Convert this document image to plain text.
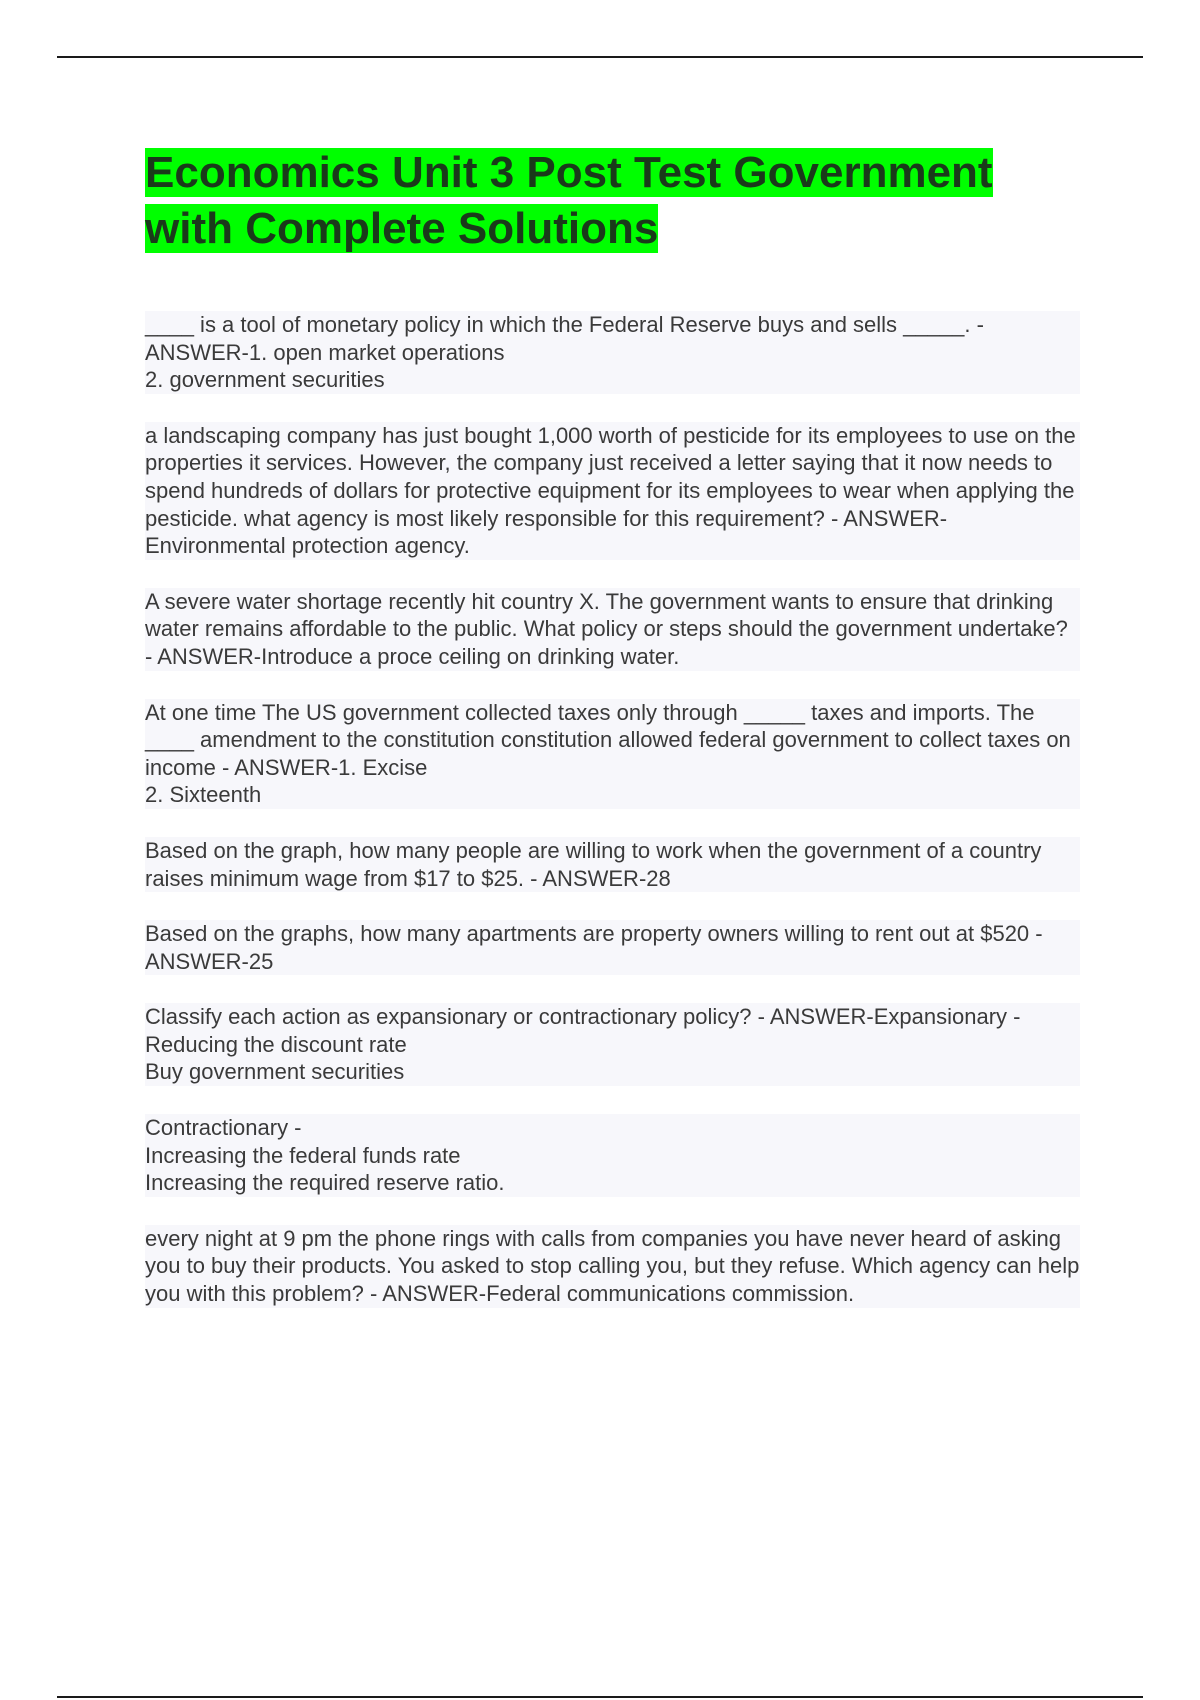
Economics Unit 3 Post Test Government with Complete Solutions

____ is a tool of monetary policy in which the Federal Reserve buys and sells _____. - ANSWER-1. open market operations
2. government securities

a landscaping company has just bought 1,000 worth of pesticide for its employees to use on the properties it services. However, the company just received a letter saying that it now needs to spend hundreds of dollars for protective equipment for its employees to wear when applying the pesticide. what agency is most likely responsible for this requirement? - ANSWER-Environmental protection agency.

A severe water shortage recently hit country X. The government wants to ensure that drinking water remains affordable to the public. What policy or steps should the government undertake? - ANSWER-Introduce a proce ceiling on drinking water.

At one time The US government collected taxes only through _____ taxes and imports. The ____ amendment to the constitution constitution allowed federal government to collect taxes on income - ANSWER-1. Excise
2. Sixteenth

Based on the graph, how many people are willing to work when the government of a country raises minimum wage from $17 to $25. - ANSWER-28

Based on the graphs, how many apartments are property owners willing to rent out at $520 - ANSWER-25

Classify each action as expansionary or contractionary policy? - ANSWER-Expansionary -
Reducing the discount rate
Buy government securities

Contractionary -
Increasing the federal funds rate
Increasing the required reserve ratio.

every night at 9 pm the phone rings with calls from companies you have never heard of asking you to buy their products. You asked to stop calling you, but they refuse. Which agency can help you with this problem? - ANSWER-Federal communications commission.
